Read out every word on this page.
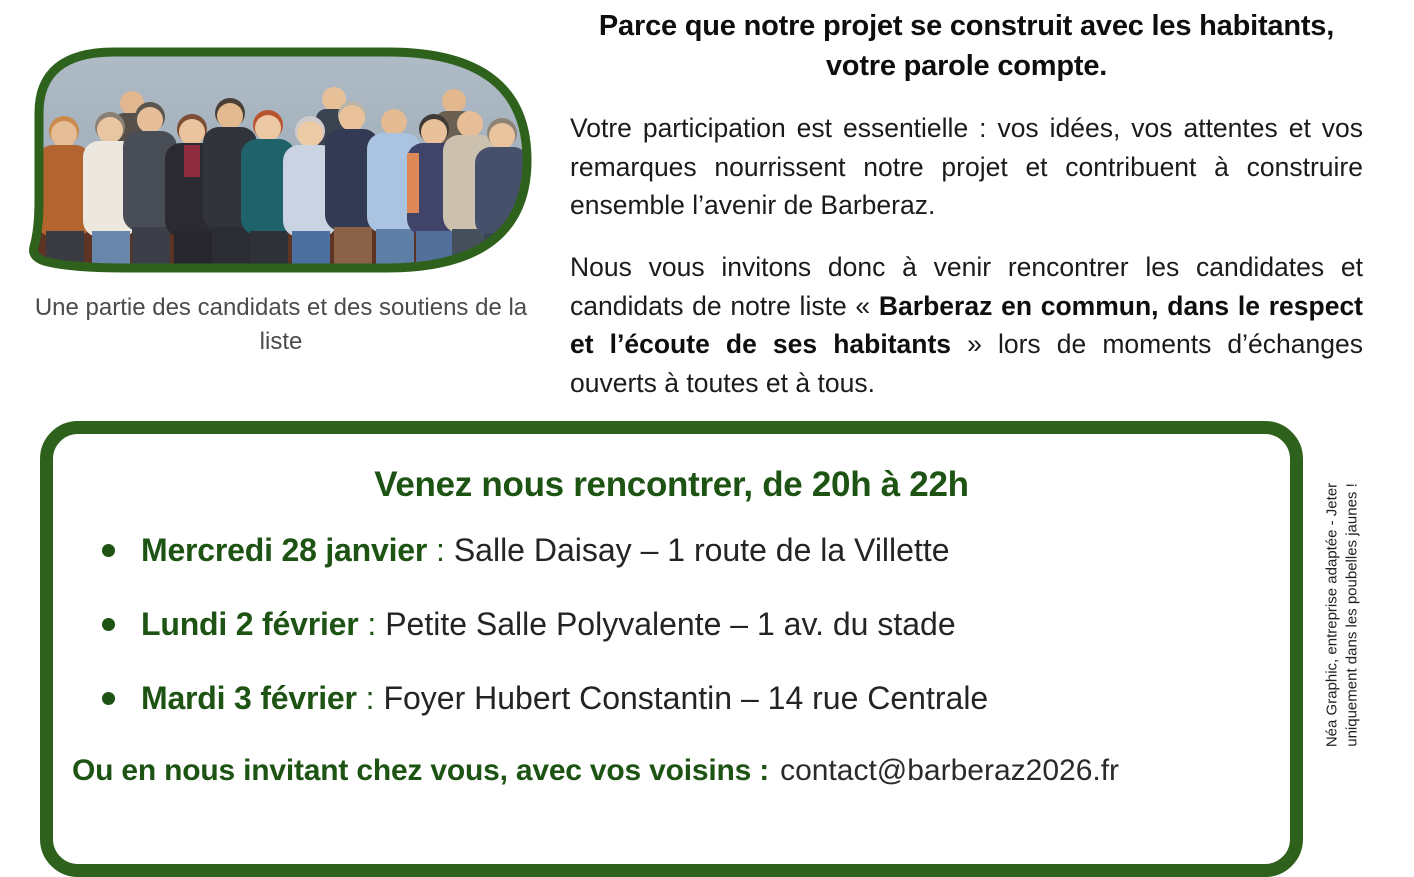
Une partie des candidats et des soutiens de la liste
Parce que notre projet se construit avec les habitants, votre parole compte.

Votre participation est essentielle : vos idées, vos attentes et vos remarques nourrissent notre projet et contribuent à construire ensemble l’avenir de Barberaz.

Nous vous invitons donc à venir rencontrer les candidates et candidats de notre liste « Barberaz en commun, dans le respect et l’écoute de ses habitants » lors de moments d’échanges ouverts à toutes et à tous.

Venez nous rencontrer, de 20h à 22h
Mercredi 28 janvier : Salle Daisay – 1 route de la Villette
Lundi 2 février : Petite Salle Polyvalente – 1 av. du stade
Mardi 3 février : Foyer Hubert Constantin – 14 rue Centrale

Ou en nous invitant chez vous, avec vos voisins : contact@barberaz2026.fr

Néa Graphic, entreprise adaptée - Jeter uniquement dans les poubelles jaunes !
